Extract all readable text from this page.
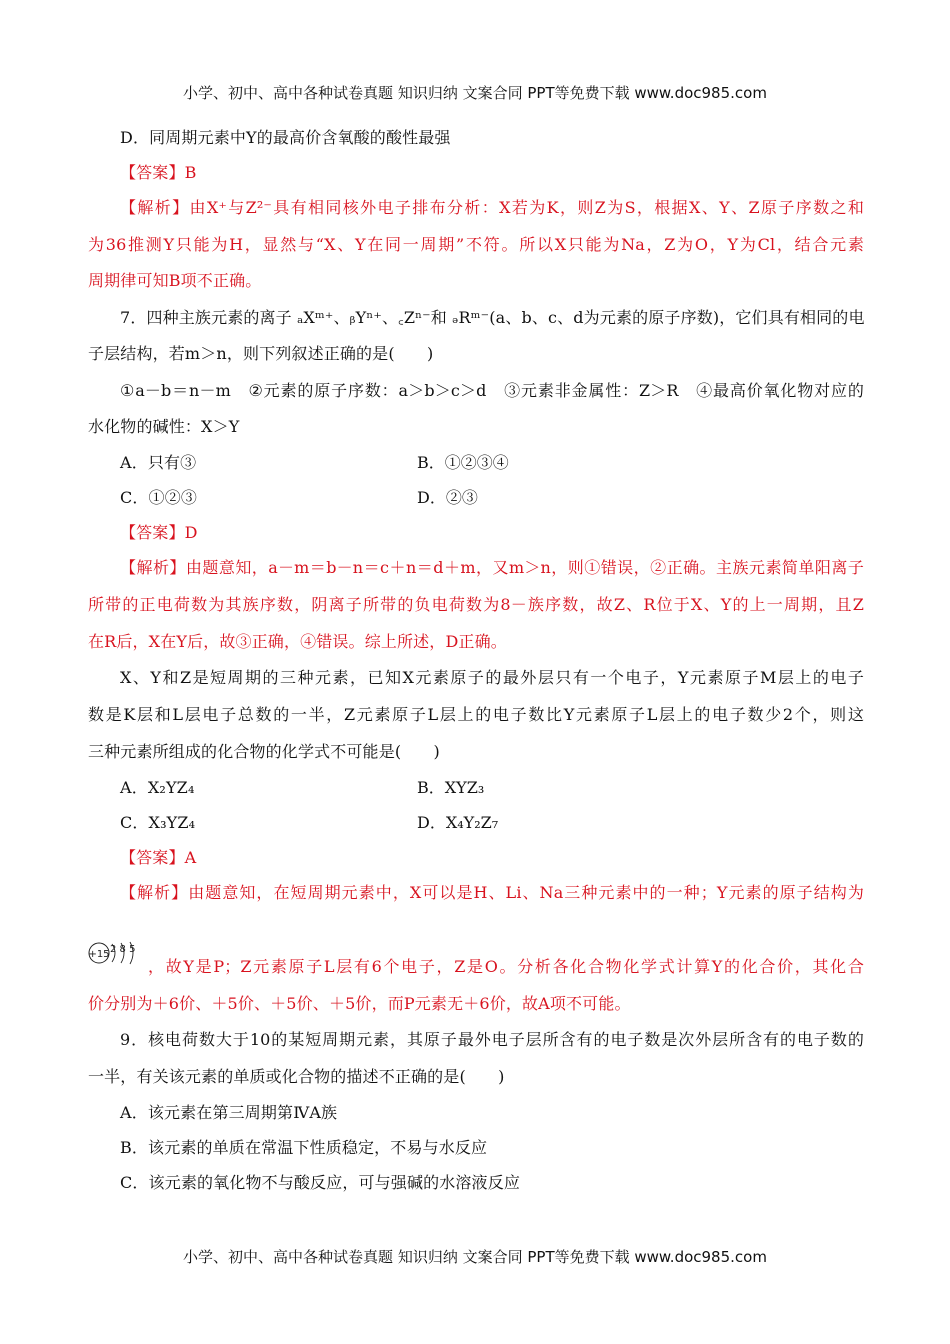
小学、初中、高中各种试卷真题 知识归纳 文案合同 PPT等免费下载 www.doc985.com
D．同周期元素中Y的最高价含氧酸的酸性最强
【答案】B
【解析】由X⁺与Z²⁻具有相同核外电子排布分析：X若为K，则Z为S，根据X、Y、Z原子序数之和
为36推测Y只能为H，显然与“X、Y在同一周期”不符。所以X只能为Na，Z为O，Y为Cl，结合元素
周期律可知B项不正确。
7．四种主族元素的离子 ₐXᵐ⁺、ᵦYⁿ⁺、꜀Zⁿ⁻和 ₔRᵐ⁻(a、b、c、d为元素的原子序数)，它们具有相同的电
子层结构，若m＞n，则下列叙述正确的是(　　)
①a－b＝n－m　②元素的原子序数：a＞b＞c＞d　③元素非金属性：Z＞R　④最高价氧化物对应的
水化物的碱性：X＞Y
A．只有③	B．①②③④
C．①②③	D．②③
【答案】D
【解析】由题意知，a－m＝b－n＝c＋n＝d＋m，又m＞n，则①错误，②正确。主族元素简单阳离子
所带的正电荷数为其族序数，阴离子所带的负电荷数为8－族序数，故Z、R位于X、Y的上一周期，且Z
在R后，X在Y后，故③正确，④错误。综上所述，D正确。
X、Y和Z是短周期的三种元素，已知X元素原子的最外层只有一个电子，Y元素原子M层上的电子
数是K层和L层电子总数的一半，Z元素原子L层上的电子数比Y元素原子L层上的电子数少2个，则这
三种元素所组成的化合物的化学式不可能是(　　)
A．X₂YZ₄	B．XYZ₃
C．X₃YZ₄	D．X₄Y₂Z₇
【答案】A
【解析】由题意知，在短周期元素中，X可以是H、Li、Na三种元素中的一种；Y元素的原子结构为
+15 2 8 5
，故Y是P；Z元素原子L层有6个电子，Z是O。分析各化合物化学式计算Y的化合价，其化合
价分别为＋6价、＋5价、＋5价、＋5价，而P元素无＋6价，故A项不可能。
9．核电荷数大于10的某短周期元素，其原子最外电子层所含有的电子数是次外层所含有的电子数的
一半，有关该元素的单质或化合物的描述不正确的是(　　)
A．该元素在第三周期第ⅣA族
B．该元素的单质在常温下性质稳定，不易与水反应
C．该元素的氧化物不与酸反应，可与强碱的水溶液反应
小学、初中、高中各种试卷真题 知识归纳 文案合同 PPT等免费下载 www.doc985.com
